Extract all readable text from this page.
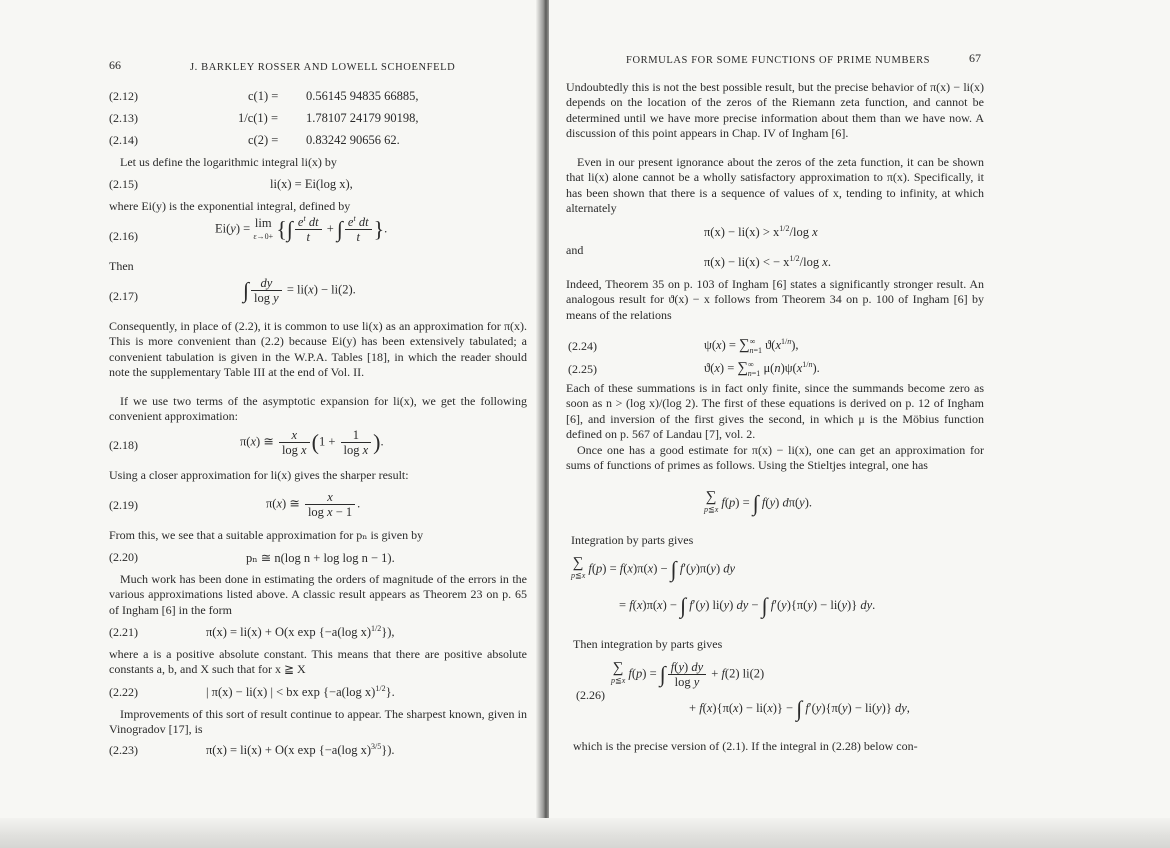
66	J. BARKLEY ROSSER AND LOWELL SCHOENFELD
(2.12)	c(1) = 0.56145 94835 66885,
(2.13)	1/c(1) = 1.78107 24179 90198,
(2.14)	c(2) = 0.83242 90656 62.
Let us define the logarithmic integral li(x) by
(2.15)	li(x) = Ei(log x),
where Ei(y) is the exponential integral, defined by
(2.16)
Ei(y) = lim
ε→0+ {∫ $\frac{e^t dt}{t}$ + ∫ $\frac{e^t dt}{t}$ }.
Then
(2.17)	∫ $\frac{dy}{\text{log y}} = li(x) - li(2)$.
Consequently, in place of (2.2), it is common to use li(x) as an approximation for π(x). This is more convenient than (2.2) because Ei(y) has been extensively tabulated; a convenient tabulation is given in the W.P.A. Tables [18], in which the reader should note the supplementary Table III at the end of Vol. II.
If we use two terms of the asymptotic expansion for li(x), we get the following convenient approximation:
(2.18)	π(x) ≅ $\frac{x}{\text{log x}} (1 + \frac{1}{\text{log x}}$ ).
Using a closer approximation for li(x) gives the sharper result:
(2.19)	π(x) ≅ $\frac{x}{\text{log x − 1}}$ .
From this, we see that a suitable approximation for pₙ is given by
(2.20)	pₙ ≅ n(log n + log log n − 1).
Much work has been done in estimating the orders of magnitude of the errors in the various approximations listed above. A classic result appears as Theorem 23 on p. 65 of Ingham [6] in the form
(2.21)	π(x) = li(x) + O(x exp {−a(log x)$^{1/2}$}),
where a is a positive absolute constant. This means that there are positive absolute constants a, b, and X such that for x ≧ X
(2.22)	| π(x) − li(x) | < bx exp {−a(log x)$^{1/2}$}.
Improvements of this sort of result continue to appear. The sharpest known, given in Vinogradov [17], is
(2.23)	π(x) = li(x) + O(x exp {−a(log x)$^{3/5}$}).
FORMULAS FOR SOME FUNCTIONS OF PRIME NUMBERS	67
Undoubtedly this is not the best possible result, but the precise behavior of π(x) − li(x) depends on the location of the zeros of the Riemann zeta function, and cannot be determined until we have more precise information about them than we have now. A discussion of this point appears in Chap. IV of Ingham [6].
Even in our present ignorance about the zeros of the zeta function, it can be shown that li(x) alone cannot be a wholly satisfactory approximation to π(x). Specifically, it has been shown that there is a sequence of values of x, tending to infinity, at which alternately
$\pi(x) - li(x) > x^{1/2}/\log$ x
and
π(x) − li(x) < − $x^{1/2}/\log$ x.
Indeed, Theorem 35 on p. 103 of Ingham [6] states a significantly stronger result. An analogous result for ϑ(x) − x follows from Theorem 34 on p. 100 of Ingham [6] by means of the relations
(2.24)	$\psi(x) = \sum^\infty_{n=1}$ $ϑ(x^{1/n})$,
(2.25)	$ϑ(x) = \sum^\infty_{n=1}$ $\mu(n)\psi(x^{1/n})$.
Each of these summations is in fact only finite, since the summands become zero as soon as n > (log x)/(log 2). The first of these equations is derived on p. 12 of Ingham [6], and inversion of the first gives the second, in which μ is the Möbius function defined on p. 567 of Landau [7], vol. 2.
Once one has a good estimate for π(x) − li(x), one can get an approximation for sums of functions of primes as follows. Using the Stieltjes integral, one has
∑
p≦x f(p) = ∫ f(y) dπ(y).
Integration by parts gives
∑
p≦x f(p) = f(x)π(x) − ∫ f′(y)π(y) dy
= f(x)π(x) − ∫ f′(y) li(y) dy − ∫ f′(y){π(y) − li(y)} dy.
Then integration by parts gives
∑
p≦x f(p) = ∫ $\frac{f(y) dy}{\text{log y}} + f(2)$ li(2)
(2.26)
+ f(x){π(x) − li(x)} − ∫ f′(y){π(y) − li(y)} dy,
which is the precise version of (2.1). If the integral in (2.28) below con-
